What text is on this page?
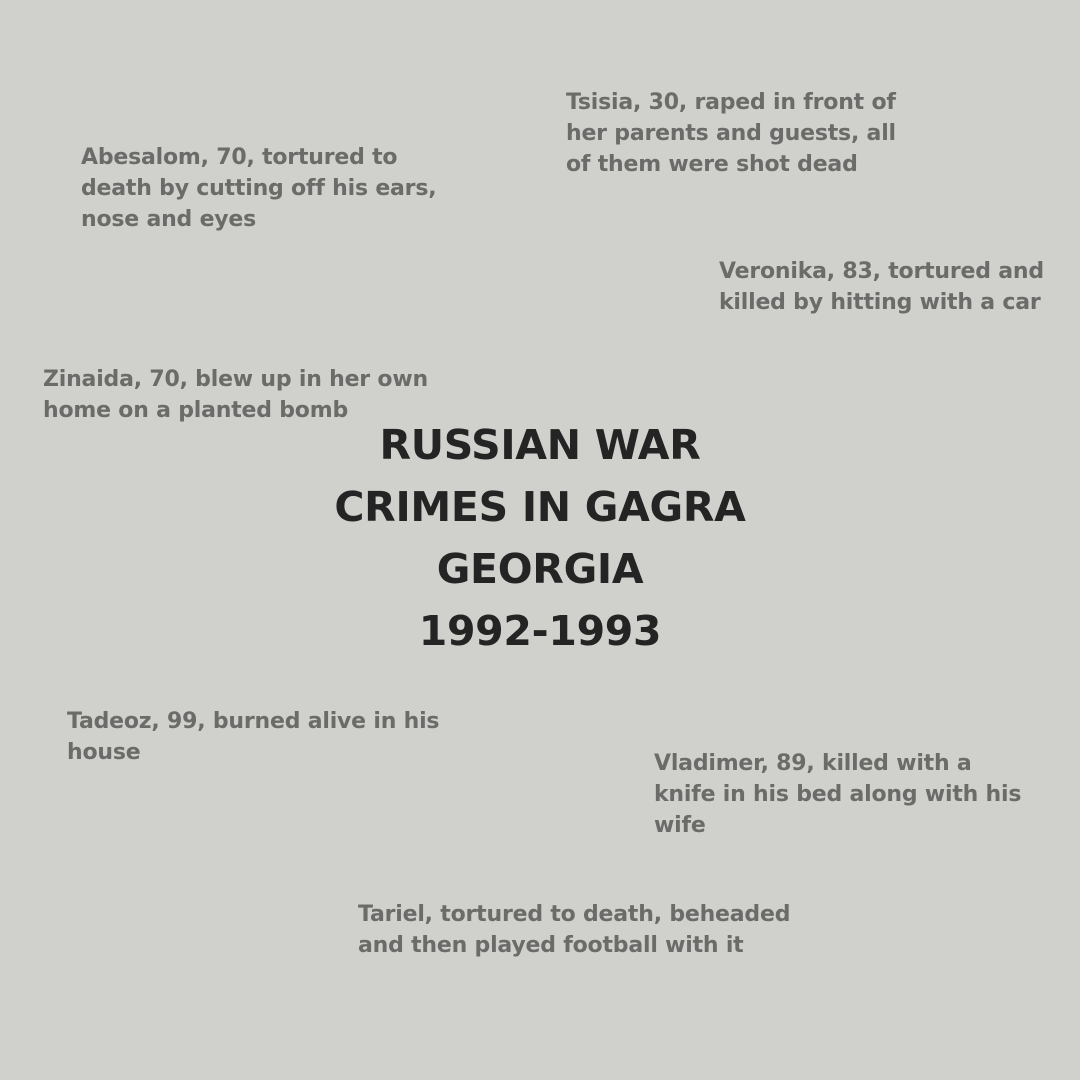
RUSSIAN WAR
CRIMES IN GAGRA
GEORGIA
1992-1993

Tsisia, 30, raped in front of
her parents and guests, all
of them were shot dead

Abesalom, 70, tortured to
death by cutting off his ears,
nose and eyes

Veronika, 83, tortured and
killed by hitting with a car

Zinaida, 70, blew up in her own
home on a planted bomb

Tadeoz, 99, burned alive in his
house	Vladimer, 89, killed with a
knife in his bed along with his
wife

Tariel, tortured to death, beheaded
and then played football with it
